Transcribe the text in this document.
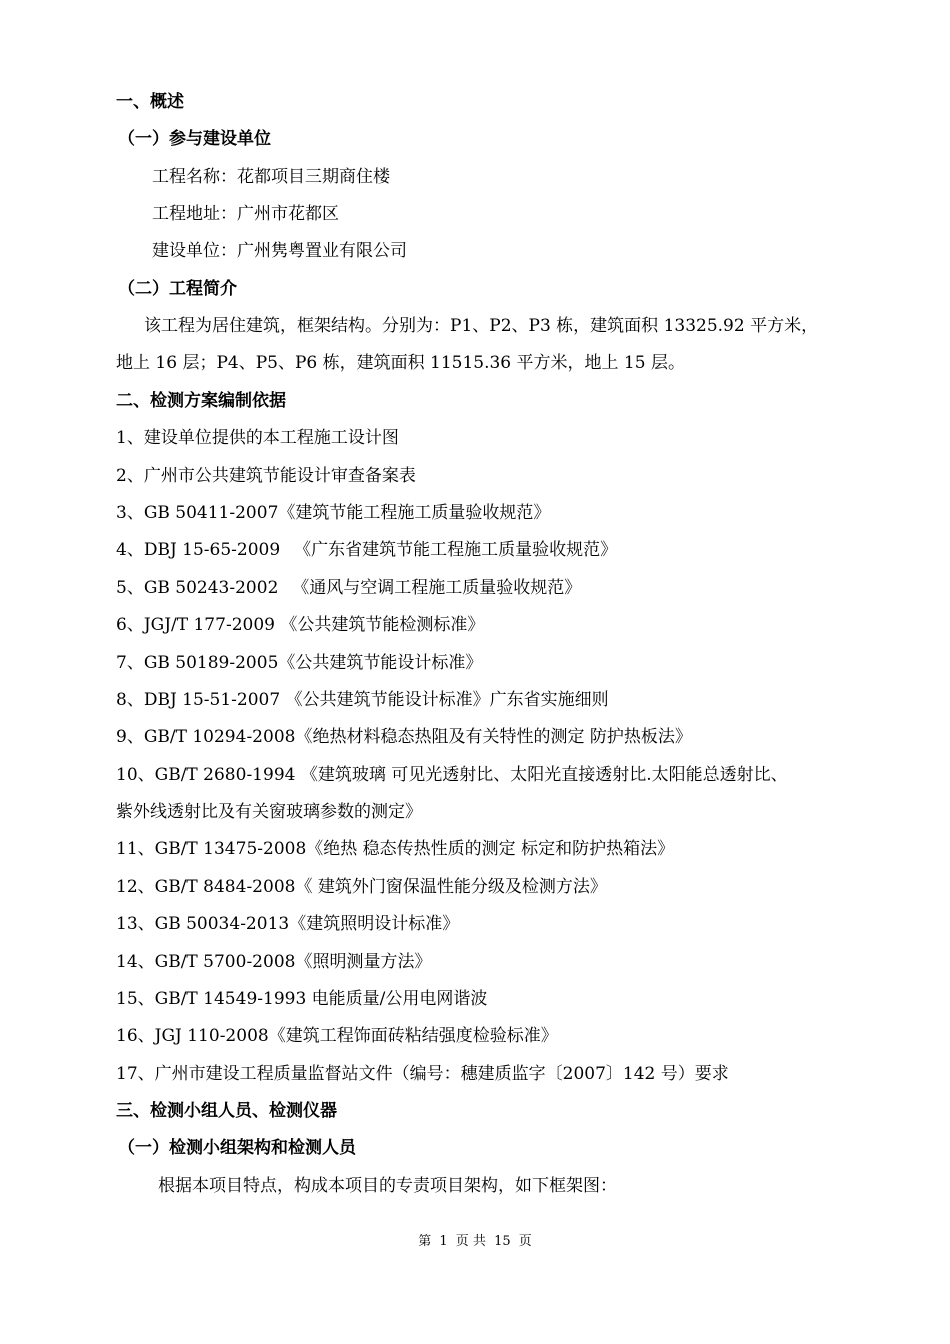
一、概述
（一）参与建设单位
工程名称：花都项目三期商住楼
工程地址：广州市花都区
建设单位：广州隽粤置业有限公司
（二）工程简介
该工程为居住建筑，框架结构。分别为：P1、P2、P3 栋，建筑面积 13325.92 平方米，
地上 16 层；P4、P5、P6 栋，建筑面积 11515.36 平方米，地上 15 层。
二、检测方案编制依据
1、建设单位提供的本工程施工设计图
2、广州市公共建筑节能设计审查备案表
3、GB 50411-2007《建筑节能工程施工质量验收规范》
4、DBJ 15-65-2009 　《广东省建筑节能工程施工质量验收规范》
5、GB 50243-2002 　《通风与空调工程施工质量验收规范》
6、JGJ/T 177-2009 《公共建筑节能检测标准》
7、GB 50189-2005《公共建筑节能设计标准》
8、DBJ 15-51-2007 《公共建筑节能设计标准》广东省实施细则
9、GB/T 10294-2008《绝热材料稳态热阻及有关特性的测定 防护热板法》
10、GB/T 2680-1994 《建筑玻璃 可见光透射比、太阳光直接透射比.太阳能总透射比、
紫外线透射比及有关窗玻璃参数的测定》
11、GB/T 13475-2008《绝热 稳态传热性质的测定 标定和防护热箱法》
12、GB/T 8484-2008《 建筑外门窗保温性能分级及检测方法》
13、GB 50034-2013《建筑照明设计标准》
14、GB/T 5700-2008《照明测量方法》
15、GB/T 14549-1993 电能质量/公用电网谐波
16、JGJ 110-2008《建筑工程饰面砖粘结强度检验标准》
17、广州市建设工程质量监督站文件（编号：穗建质监字〔2007〕142 号）要求
三、检测小组人员、检测仪器
（一）检测小组架构和检测人员
根据本项目特点，构成本项目的专责项目架构，如下框架图：
第 1 页 共 15 页
